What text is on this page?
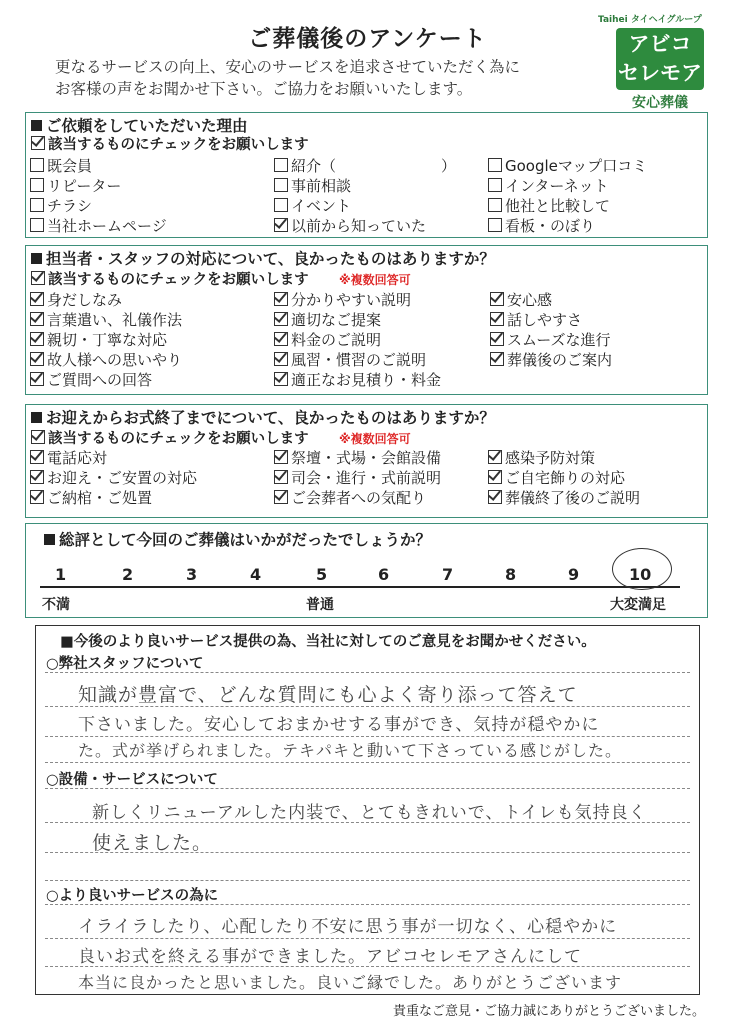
ご葬儀後のアンケート
更なるサービスの向上、安心のサービスを追求させていただく為に
お客様の声をお聞かせ下さい。ご協力をお願いいたします。
Taihei タイヘイグループ
アビコ
セレモア
安心葬儀
ご依頼をしていただいた理由
該当するものにチェックをお願いします
既会員	紹介（　　　　　　　）	Googleマップ口コミ
リピーター	事前相談	インターネット
チラシ	イベント	他社と比較して
当社ホームページ	以前から知っていた	看板・のぼり
担当者・スタッフの対応について、良かったものはありますか？
該当するものにチェックをお願いします	※複数回答可
身だしなみ	分かりやすい説明	安心感
言葉遣い、礼儀作法	適切なご提案	話しやすさ
親切・丁寧な対応	料金のご説明	スムーズな進行
故人様への思いやり	風習・慣習のご説明	葬儀後のご案内
ご質問への回答	適正なお見積り・料金
お迎えからお式終了までについて、良かったものはありますか？
該当するものにチェックをお願いします	※複数回答可
電話応対	祭壇・式場・会館設備	感染予防対策
お迎え・ご安置の対応	司会・進行・式前説明	ご自宅飾りの対応
ご納棺・ご処置	ご会葬者への気配り	葬儀終了後のご説明
総評として今回のご葬儀はいかがだったでしょうか？
1	2	3	4	5	6	7	8	9	10
不満	普通	大変満足
■今後のより良いサービス提供の為、当社に対してのご意見をお聞かせください。
○弊社スタッフについて
知識が豊富で、どんな質問にも心よく寄り添って答えて
下さいました。安心しておまかせする事ができ、気持が穏やかに
た。式が挙げられました。テキパキと動いて下さっている感じがした。
○設備・サービスについて
新しくリニューアルした内装で、とてもきれいで、トイレも気持良く
使えました。
○より良いサービスの為に
イライラしたり、心配したり不安に思う事が一切なく、心穏やかに
良いお式を終える事ができました。アビコセレモアさんにして
本当に良かったと思いました。良いご縁でした。ありがとうございます
貴重なご意見・ご協力誠にありがとうございました。
